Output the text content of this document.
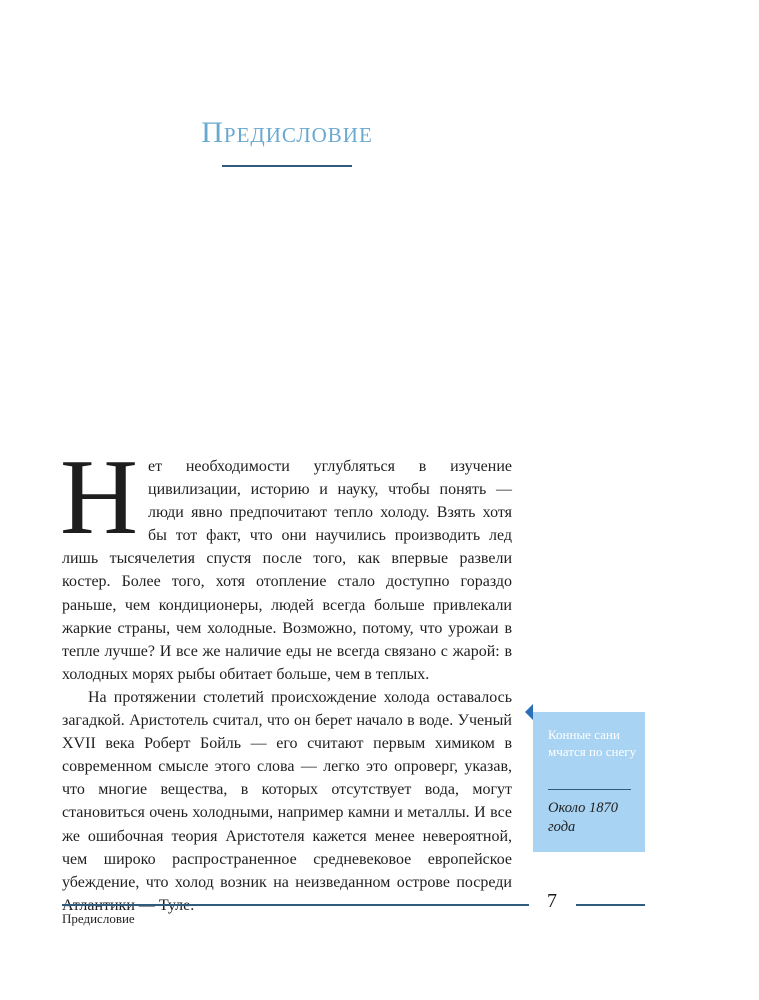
Предисловие

Нет необходимости углубляться в изучение цивилизации, историю и науку, чтобы понять — люди явно предпочитают тепло холоду. Взять хотя бы тот факт, что они научились производить лед лишь тысячелетия спустя после того, как впервые развели костер. Более того, хотя отопление стало доступно гораздо раньше, чем кондиционеры, людей всегда больше привлекали жаркие страны, чем холодные. Возможно, потому, что урожаи в тепле лучше? И все же наличие еды не всегда связано с жарой: в холодных морях рыбы обитает больше, чем в теплых.

На протяжении столетий происхождение холода оставалось загадкой. Аристотель считал, что он берет начало в воде. Ученый XVII века Роберт Бойль — его считают первым химиком в современном смысле этого слова — легко это опроверг, указав, что многие вещества, в которых отсутствует вода, могут становиться очень холодными, например камни и металлы. И все же ошибочная теория Аристотеля кажется менее невероятной, чем широко распространенное средневековое европейское убеждение, что холод возник на неизведанном острове посреди

Конные сани мчатся по снегу
Около 1870 года
7
Предисловие
